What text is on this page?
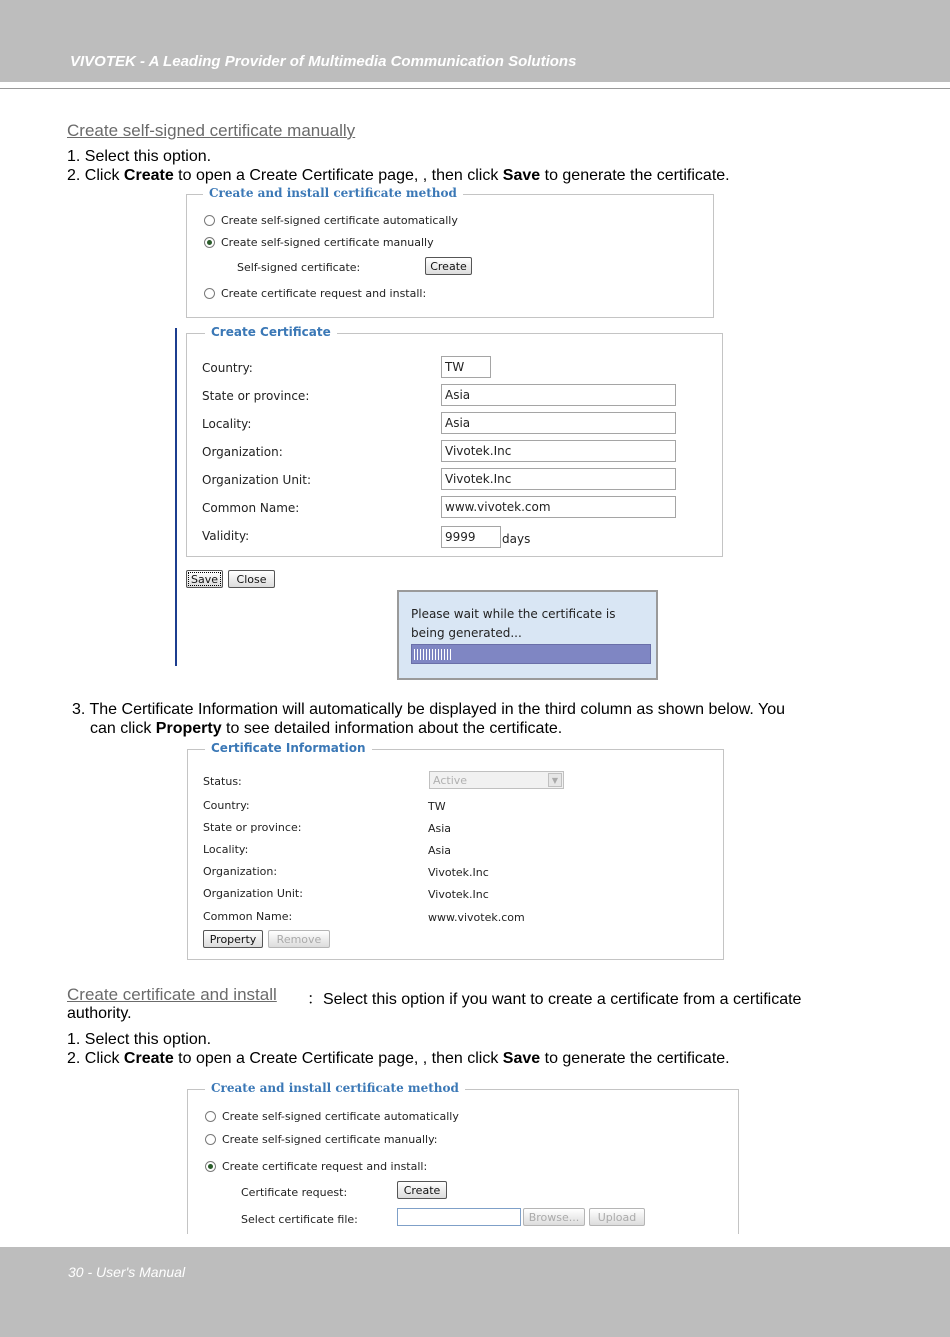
VIVOTEK - A Leading Provider of Multimedia Communication Solutions
Create self-signed certificate manually
1. Select this option.
2. Click Create to open a Create Certificate page, , then click Save to generate the certificate.
Create and install certificate method
Create self-signed certificate automatically
Create self-signed certificate manually
Self-signed certificate:	Create
Create certificate request and install:
Create Certificate
Country:	TW
State or province:	Asia
Locality:	Asia
Organization:	Vivotek.Inc
Organization Unit:	Vivotek.Inc
Common Name:	www.vivotek.com
Validity:	9999	days
Save	Close
Please wait while the certificate is being generated...
3. The Certificate Information will automatically be displayed in the third column as shown below. You
can click Property to see detailed information about the certificate.
Certificate Information
Status:	Active	▼
Country:	TW
State or province:	Asia
Locality:	Asia
Organization:	Vivotek.Inc
Organization Unit:	Vivotek.Inc
Common Name:	www.vivotek.com
Property	Remove
Create certificate and install ：Select this option if you want to create a certificate from a certificate
authority.
1. Select this option.
2. Click Create to open a Create Certificate page, , then click Save to generate the certificate.
Create and install certificate method
Create self-signed certificate automatically
Create self-signed certificate manually:
Create certificate request and install:
Certificate request:	Create
Select certificate file:	Browse...	Upload
30 - User's Manual
